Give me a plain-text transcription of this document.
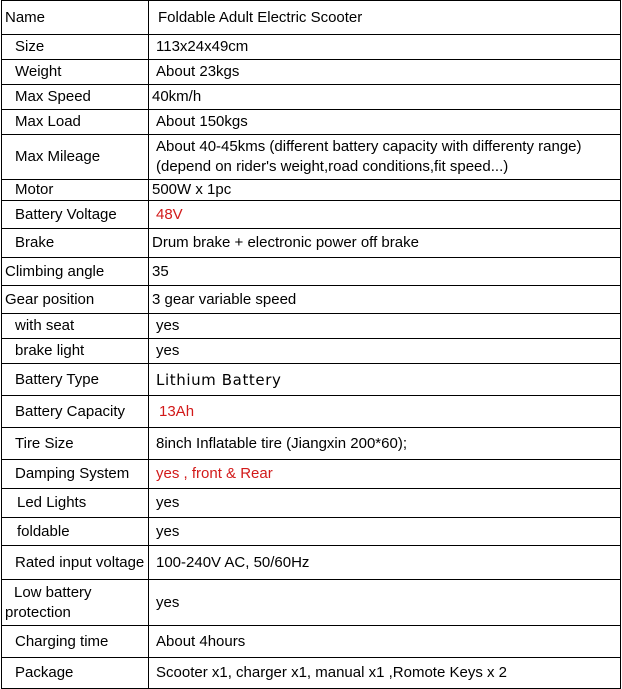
Name	Foldable Adult Electric Scooter
Size	113x24x49cm
Weight	About 23kgs
Max Speed	40km/h
Max Load	About 150kgs
Max Mileage	About 40-45kms (different battery capacity with differenty range)
(depend on rider's weight,road conditions,fit speed...)

Motor	500W x 1pc
Battery Voltage	48V
Brake	Drum brake + electronic power off brake
Climbing angle	35
Gear position	3 gear variable speed
with seat	yes
brake light	yes
Battery Type	Lithium Battery
Battery Capacity	13Ah
Tire Size	8inch Inflatable tire (Jiangxin 200*60);
Damping System	yes , front & Rear
Led Lights	yes
foldable	yes
Rated input voltage	100-240V AC, 50/60Hz

Low battery
protection	yes
Charging time	About 4hours
Package	Scooter x1, charger x1, manual x1 ,Romote Keys x 2
